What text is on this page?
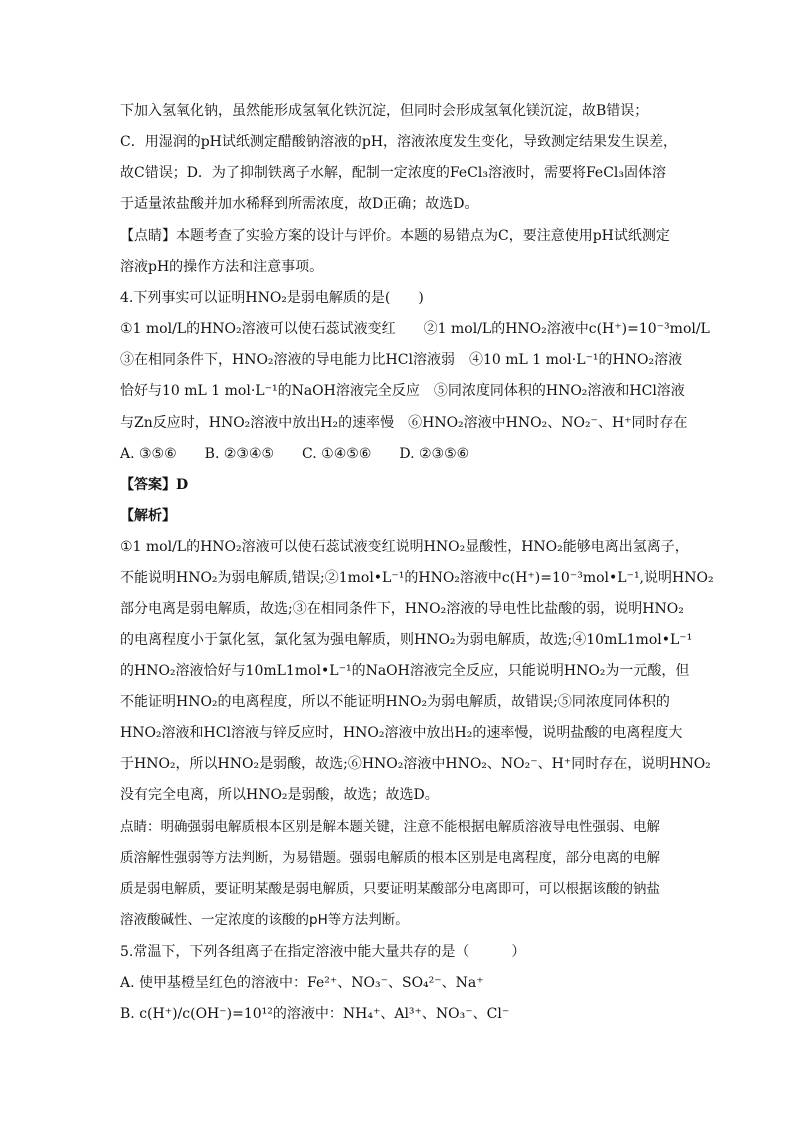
下加入氢氧化钠，虽然能形成氢氧化铁沉淀，但同时会形成氢氧化镁沉淀，故B错误；
C．用湿润的pH试纸测定醋酸钠溶液的pH，溶液浓度发生变化，导致测定结果发生误差，
故C错误；D．为了抑制铁离子水解，配制一定浓度的FeCl₃溶液时，需要将FeCl₃固体溶
于适量浓盐酸并加水稀释到所需浓度，故D正确；故选D。
【点睛】本题考查了实验方案的设计与评价。本题的易错点为C，要注意使用pH试纸测定
溶液pH的操作方法和注意事项。
4.下列事实可以证明HNO₂是弱电解质的是(　　)
①1 mol/L的HNO₂溶液可以使石蕊试液变红　　②1 mol/L的HNO₂溶液中c(H⁺)=10⁻³mol/L
③在相同条件下，HNO₂溶液的导电能力比HCl溶液弱　④10 mL 1 mol·L⁻¹的HNO₂溶液
恰好与10 mL 1 mol·L⁻¹的NaOH溶液完全反应　⑤同浓度同体积的HNO₂溶液和HCl溶液
与Zn反应时，HNO₂溶液中放出H₂的速率慢　⑥HNO₂溶液中HNO₂、NO₂⁻、H⁺同时存在
A. ③⑤⑥　　B. ②③④⑤　　C. ①④⑤⑥　　D. ②③⑤⑥
【答案】D
【解析】
①1 mol/L的HNO₂溶液可以使石蕊试液变红说明HNO₂显酸性，HNO₂能够电离出氢离子，
不能说明HNO₂为弱电解质,错误;②1mol•L⁻¹的HNO₂溶液中c(H⁺)=10⁻³mol•L⁻¹,说明HNO₂
部分电离是弱电解质，故选;③在相同条件下，HNO₂溶液的导电性比盐酸的弱，说明HNO₂
的电离程度小于氯化氢，氯化氢为强电解质，则HNO₂为弱电解质，故选;④10mL1mol•L⁻¹
的HNO₂溶液恰好与10mL1mol•L⁻¹的NaOH溶液完全反应，只能说明HNO₂为一元酸，但
不能证明HNO₂的电离程度，所以不能证明HNO₂为弱电解质，故错误;⑤同浓度同体积的
HNO₂溶液和HCl溶液与锌反应时，HNO₂溶液中放出H₂的速率慢，说明盐酸的电离程度大
于HNO₂，所以HNO₂是弱酸，故选;⑥HNO₂溶液中HNO₂、NO₂⁻、H⁺同时存在，说明HNO₂
没有完全电离，所以HNO₂是弱酸，故选；故选D。
点睛：明确强弱电解质根本区别是解本题关键，注意不能根据电解质溶液导电性强弱、电解
质溶解性强弱等方法判断，为易错题。强弱电解质的根本区别是电离程度，部分电离的电解
质是弱电解质，要证明某酸是弱电解质，只要证明某酸部分电离即可，可以根据该酸的钠盐
溶液酸碱性、一定浓度的该酸的pH等方法判断。
5.常温下，下列各组离子在指定溶液中能大量共存的是（　　　）
A. 使甲基橙呈红色的溶液中：Fe²⁺、NO₃⁻、SO₄²⁻、Na⁺
B. c(H⁺)/c(OH⁻)=10¹²的溶液中：NH₄⁺、Al³⁺、NO₃⁻、Cl⁻
